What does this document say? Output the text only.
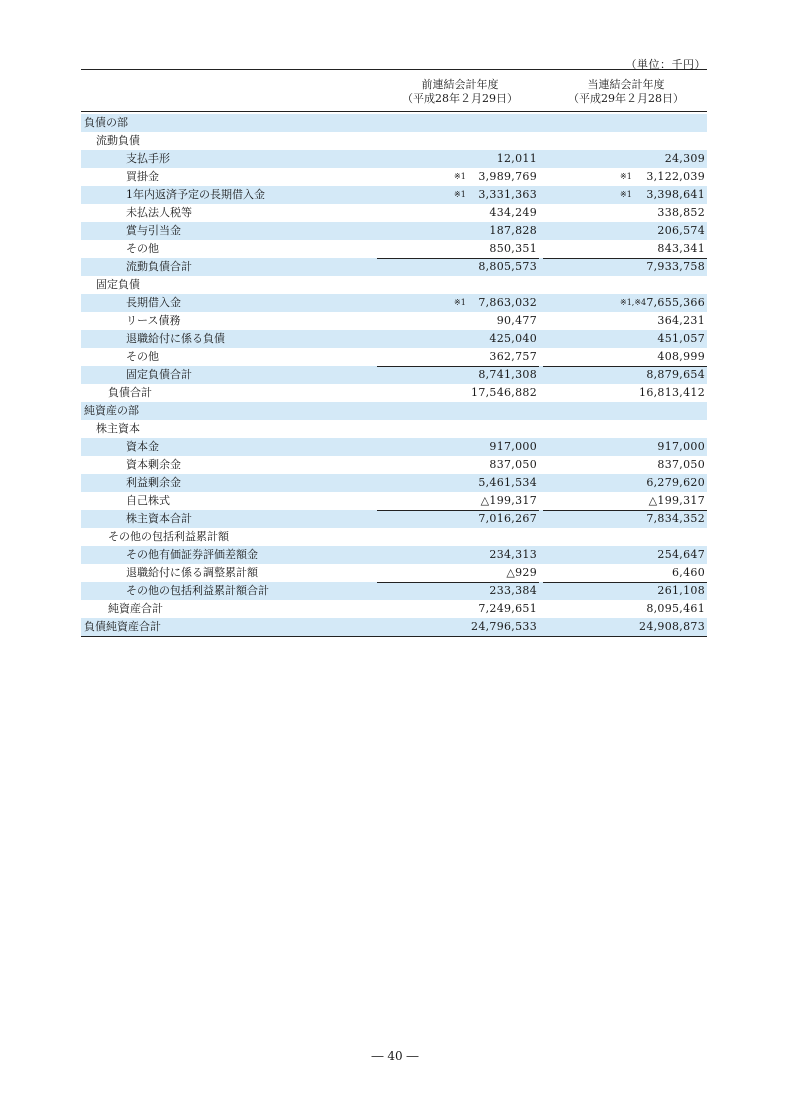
（単位：千円）
前連結会計年度
（平成28年２月29日）
当連結会計年度
（平成29年２月28日）
負債の部
流動負債
支払手形	12,011	24,309
買掛金	※1	3,989,769	※1	3,122,039
1年内返済予定の長期借入金	※1	3,331,363	※1	3,398,641
未払法人税等	434,249	338,852
賞与引当金	187,828	206,574
その他	850,351	843,341
流動負債合計	8,805,573	7,933,758
固定負債
長期借入金	※1	7,863,032	※1,※4 7,655,366
リース債務	90,477	364,231
退職給付に係る負債	425,040	451,057
その他	362,757	408,999
固定負債合計	8,741,308	8,879,654
負債合計	17,546,882	16,813,412
純資産の部
株主資本
資本金	917,000	917,000
資本剰余金	837,050	837,050
利益剰余金	5,461,534	6,279,620
自己株式	△199,317	△199,317
株主資本合計	7,016,267	7,834,352
その他の包括利益累計額
その他有価証券評価差額金	234,313	254,647
退職給付に係る調整累計額	△929	6,460
その他の包括利益累計額合計	233,384	261,108
純資産合計	7,249,651	8,095,461
負債純資産合計	24,796,533	24,908,873
― 40 ―
